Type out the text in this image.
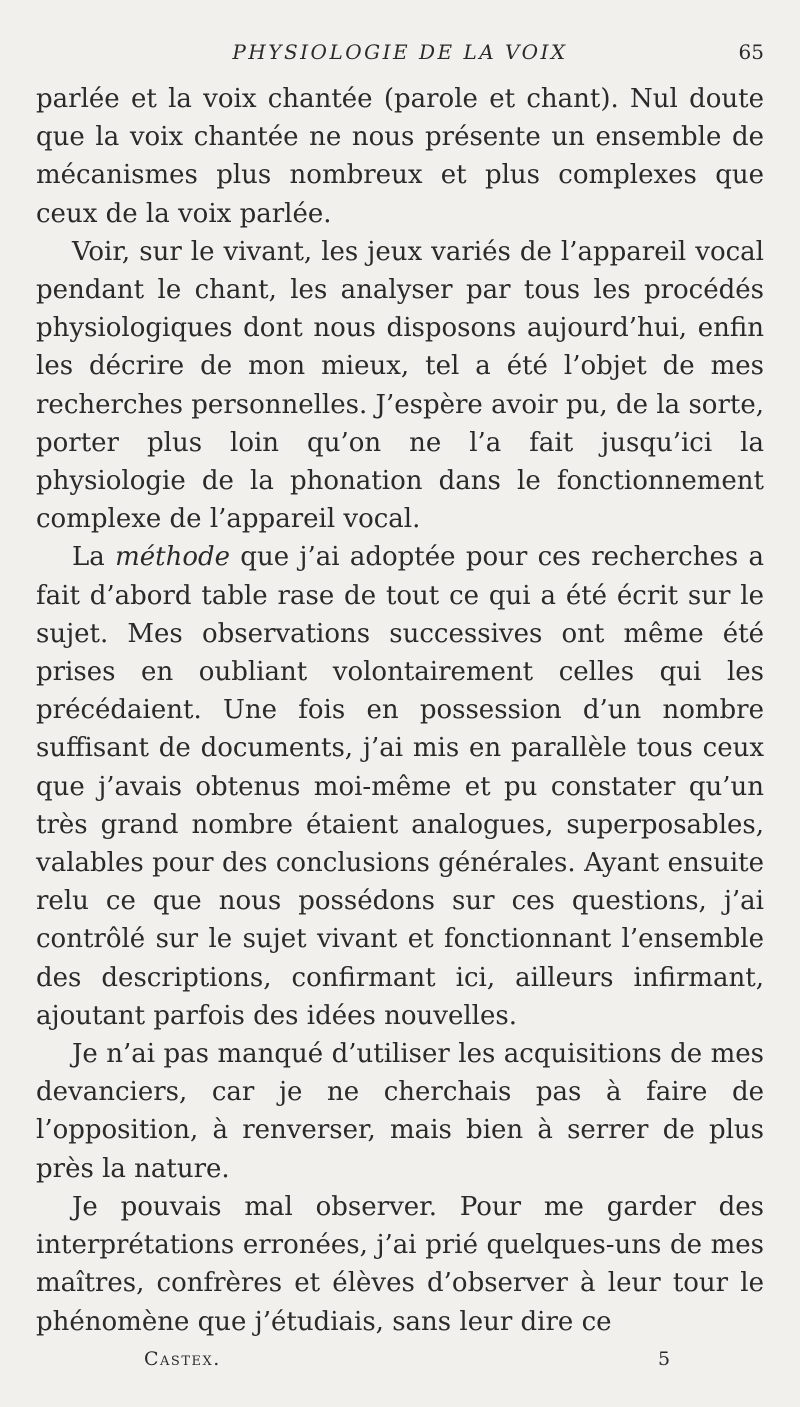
PHYSIOLOGIE DE LA VOIX	65

parlée et la voix chantée (parole et chant). Nul doute que la voix chantée ne nous présente un ensemble de mécanismes plus nombreux et plus complexes que ceux de la voix parlée.

Voir, sur le vivant, les jeux variés de l’appareil vocal pendant le chant, les analyser par tous les procédés physiologiques dont nous disposons aujourd’hui, enfin les décrire de mon mieux, tel a été l’objet de mes recherches personnelles. J’espère avoir pu, de la sorte, porter plus loin qu’on ne l’a fait jusqu’ici la physiologie de la phonation dans le fonctionnement complexe de l’appareil vocal.

La méthode que j’ai adoptée pour ces recherches a fait d’abord table rase de tout ce qui a été écrit sur le sujet. Mes observations successives ont même été prises en oubliant volontairement celles qui les précédaient. Une fois en possession d’un nombre suffisant de documents, j’ai mis en parallèle tous ceux que j’avais obtenus moi-même et pu constater qu’un très grand nombre étaient analogues, superposables, valables pour des conclusions générales. Ayant ensuite relu ce que nous possédons sur ces questions, j’ai contrôlé sur le sujet vivant et fonctionnant l’ensemble des descriptions, confirmant ici, ailleurs infirmant, ajoutant parfois des idées nouvelles.

Je n’ai pas manqué d’utiliser les acquisitions de mes devanciers, car je ne cherchais pas à faire de l’opposition, à renverser, mais bien à serrer de plus près la nature.

Je pouvais mal observer. Pour me garder des interprétations erronées, j’ai prié quelques-uns de mes maîtres, confrères et élèves d’observer à leur tour le phénomène que j’étudiais, sans leur dire ce

Castex.	5
